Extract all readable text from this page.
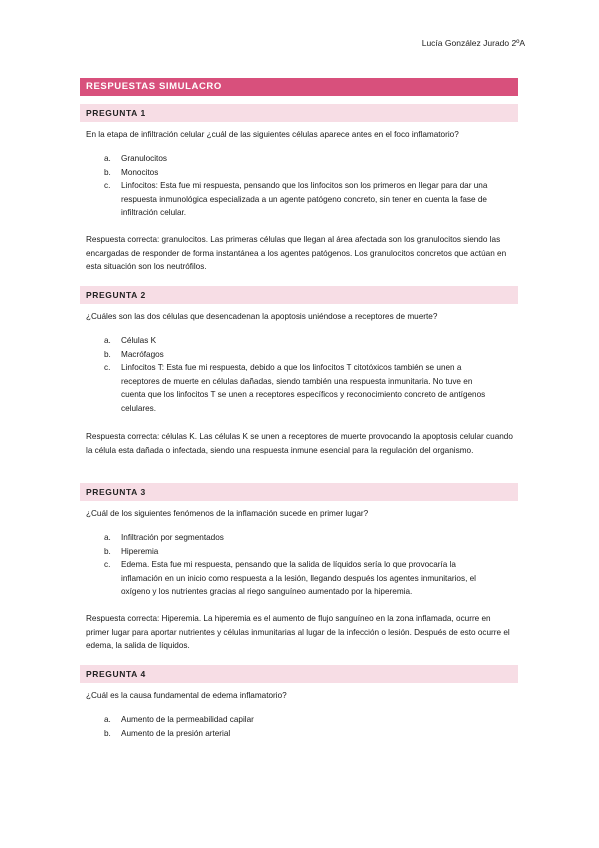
Lucía González Jurado 2ºA
RESPUESTAS SIMULACRO
PREGUNTA 1
En la etapa de infiltración celular ¿cuál de las siguientes células aparece antes en el foco inflamatorio?
a.	Granulocitos
b.	Monocitos
c.	Linfocitos: Esta fue mi respuesta, pensando que los linfocitos son los primeros en llegar para dar una respuesta inmunológica especializada a un agente patógeno concreto, sin tener en cuenta la fase de infiltración celular.
Respuesta correcta: granulocitos. Las primeras células que llegan al área afectada son los granulocitos siendo las encargadas de responder de forma instantánea a los agentes patógenos. Los granulocitos concretos que actúan en esta situación son los neutrófilos.
PREGUNTA 2
¿Cuáles son las dos células que desencadenan la apoptosis uniéndose a receptores de muerte?
a.	Células K
b.	Macrófagos
c.	Linfocitos T: Esta fue mi respuesta, debido a que los linfocitos T citotóxicos también se unen a receptores de muerte en células dañadas, siendo también una respuesta inmunitaria. No tuve en cuenta que los linfocitos T se unen a receptores específicos y reconocimiento concreto de antígenos celulares.
Respuesta correcta: células K. Las células K se unen a receptores de muerte provocando la apoptosis celular cuando la célula esta dañada o infectada, siendo una respuesta inmune esencial para la regulación del organismo.
PREGUNTA 3
¿Cuál de los siguientes fenómenos de la inflamación sucede en primer lugar?
a.	Infiltración por segmentados
b.	Hiperemia
c.	Edema. Esta fue mi respuesta, pensando que la salida de líquidos sería lo que provocaría la inflamación en un inicio como respuesta a la lesión, llegando después los agentes inmunitarios, el oxígeno y los nutrientes gracias al riego sanguíneo aumentado por la hiperemia.
Respuesta correcta: Hiperemia. La hiperemia es el aumento de flujo sanguíneo en la zona inflamada, ocurre en primer lugar para aportar nutrientes y células inmunitarias al lugar de la infección o lesión. Después de esto ocurre el edema, la salida de líquidos.
PREGUNTA 4
¿Cuál es la causa fundamental de edema inflamatorio?
a.	Aumento de la permeabilidad capilar
b.	Aumento de la presión arterial
